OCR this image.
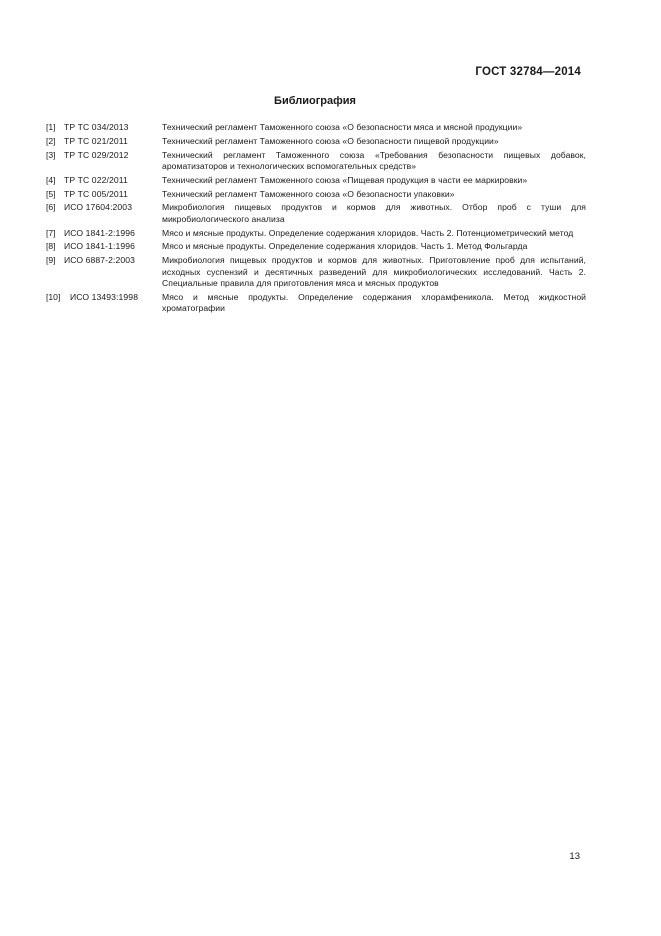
ГОСТ 32784—2014
Библиография
[1] ТР ТС 034/2013	Технический регламент Таможенного союза «О безопасности мяса и мясной продукции»
[2] ТР ТС 021/2011	Технический регламент Таможенного союза «О безопасности пищевой продукции»
[3] ТР ТС 029/2012	Технический регламент Таможенного союза «Требования безопасности пищевых добавок, ароматизаторов и технологических вспомогательных средств»
[4] ТР ТС 022/2011	Технический регламент Таможенного союза «Пищевая продукция в части ее маркировки»
[5] ТР ТС 005/2011	Технический регламент Таможенного союза «О безопасности упаковки»
[6] ИСО 17604:2003	Микробиология пищевых продуктов и кормов для животных. Отбор проб с туши для микробиологического анализа
[7] ИСО 1841-2:1996	Мясо и мясные продукты. Определение содержания хлоридов. Часть 2. Потенциометрический метод
[8] ИСО 1841-1:1996	Мясо и мясные продукты. Определение содержания хлоридов. Часть 1. Метод Фольгарда
[9] ИСО 6887-2:2003	Микробиология пищевых продуктов и кормов для животных. Приготовление проб для испытаний, исходных суспензий и десятичных разведений для микробиологических исследований. Часть 2. Специальные правила для приготовления мяса и мясных продуктов
[10]	ИСО 13493:1998	Мясо и мясные продукты. Определение содержания хлорамфеникола. Метод жидкостной хроматографии
13
